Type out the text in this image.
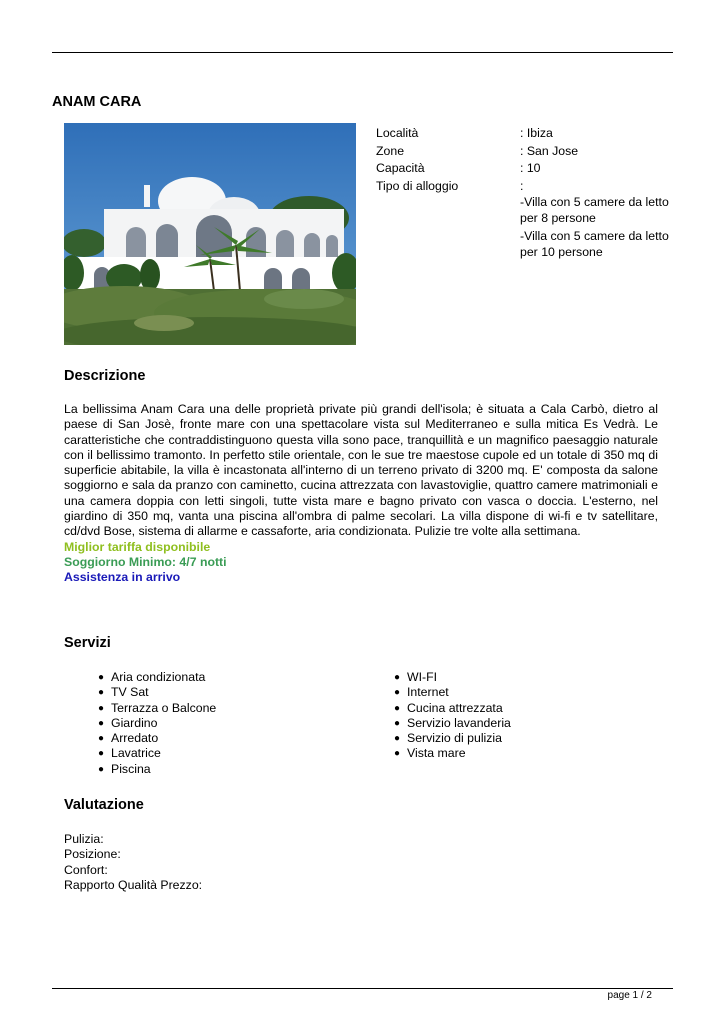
ANAM CARA
Località	: Ibiza
Zone	: San Jose
Capacità	: 10
Tipo di alloggio	:
-Villa con 5 camere da letto per 8 persone
-Villa con 5 camere da letto per 10 persone
Descrizione
La bellissima Anam Cara una delle proprietà private più grandi dell'isola; è situata a Cala Carbò, dietro al paese di San Josè, fronte mare con una spettacolare vista sul Mediterraneo e sulla mitica Es Vedrà. Le caratteristiche che contraddistinguono questa villa sono pace, tranquillità e un magnifico paesaggio naturale con il bellissimo tramonto. In perfetto stile orientale, con le sue tre maestose cupole ed un totale di 350 mq di superficie abitabile, la villa è incastonata all'interno di un terreno privato di 3200 mq. E' composta da salone soggiorno e sala da pranzo con caminetto, cucina attrezzata con lavastoviglie, quattro camere matrimoniali e una camera doppia con letti singoli, tutte vista mare e bagno privato con vasca o doccia. L'esterno, nel giardino di 350 mq, vanta una piscina all'ombra di palme secolari. La villa dispone di wi-fi e tv satellitare, cd/dvd Bose, sistema di allarme e cassaforte, aria condizionata. Pulizie tre volte alla settimana.
Miglior tariffa disponibile
Soggiorno Minimo: 4/7 notti
Assistenza in arrivo
Servizi
● Aria condizionata
● TV Sat
● Terrazza o Balcone
● Giardino
● Arredato
● Lavatrice
● Piscina
● WI-FI
● Internet
● Cucina attrezzata
● Servizio lavanderia
● Servizio di pulizia
● Vista mare
Valutazione
Pulizia:
Posizione:
Confort:
Rapporto Qualità Prezzo:
page 1 / 2
